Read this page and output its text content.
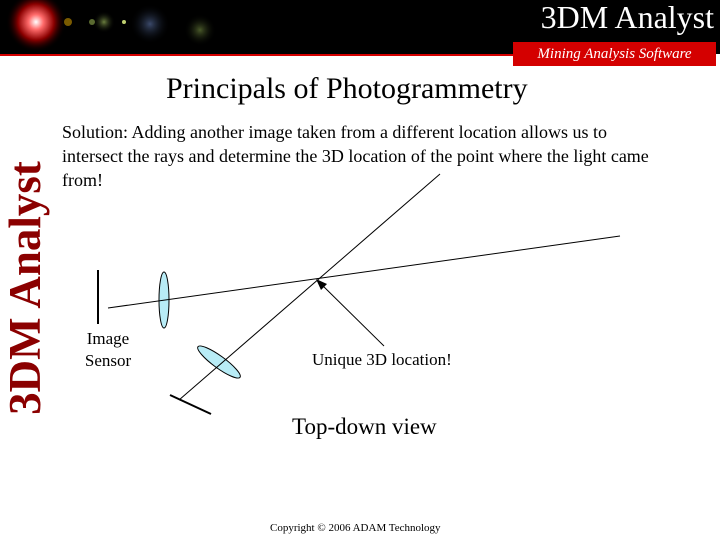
3DM Analyst
Mining Analysis Software
3DM Analyst
Principals of Photogrammetry
Solution: Adding another image taken from a different location allows us to intersect the rays and determine the 3D location of the point where the light came from!
Image
Sensor	Unique 3D location!
Top-down view
Copyright © 2006 ADAM Technology
